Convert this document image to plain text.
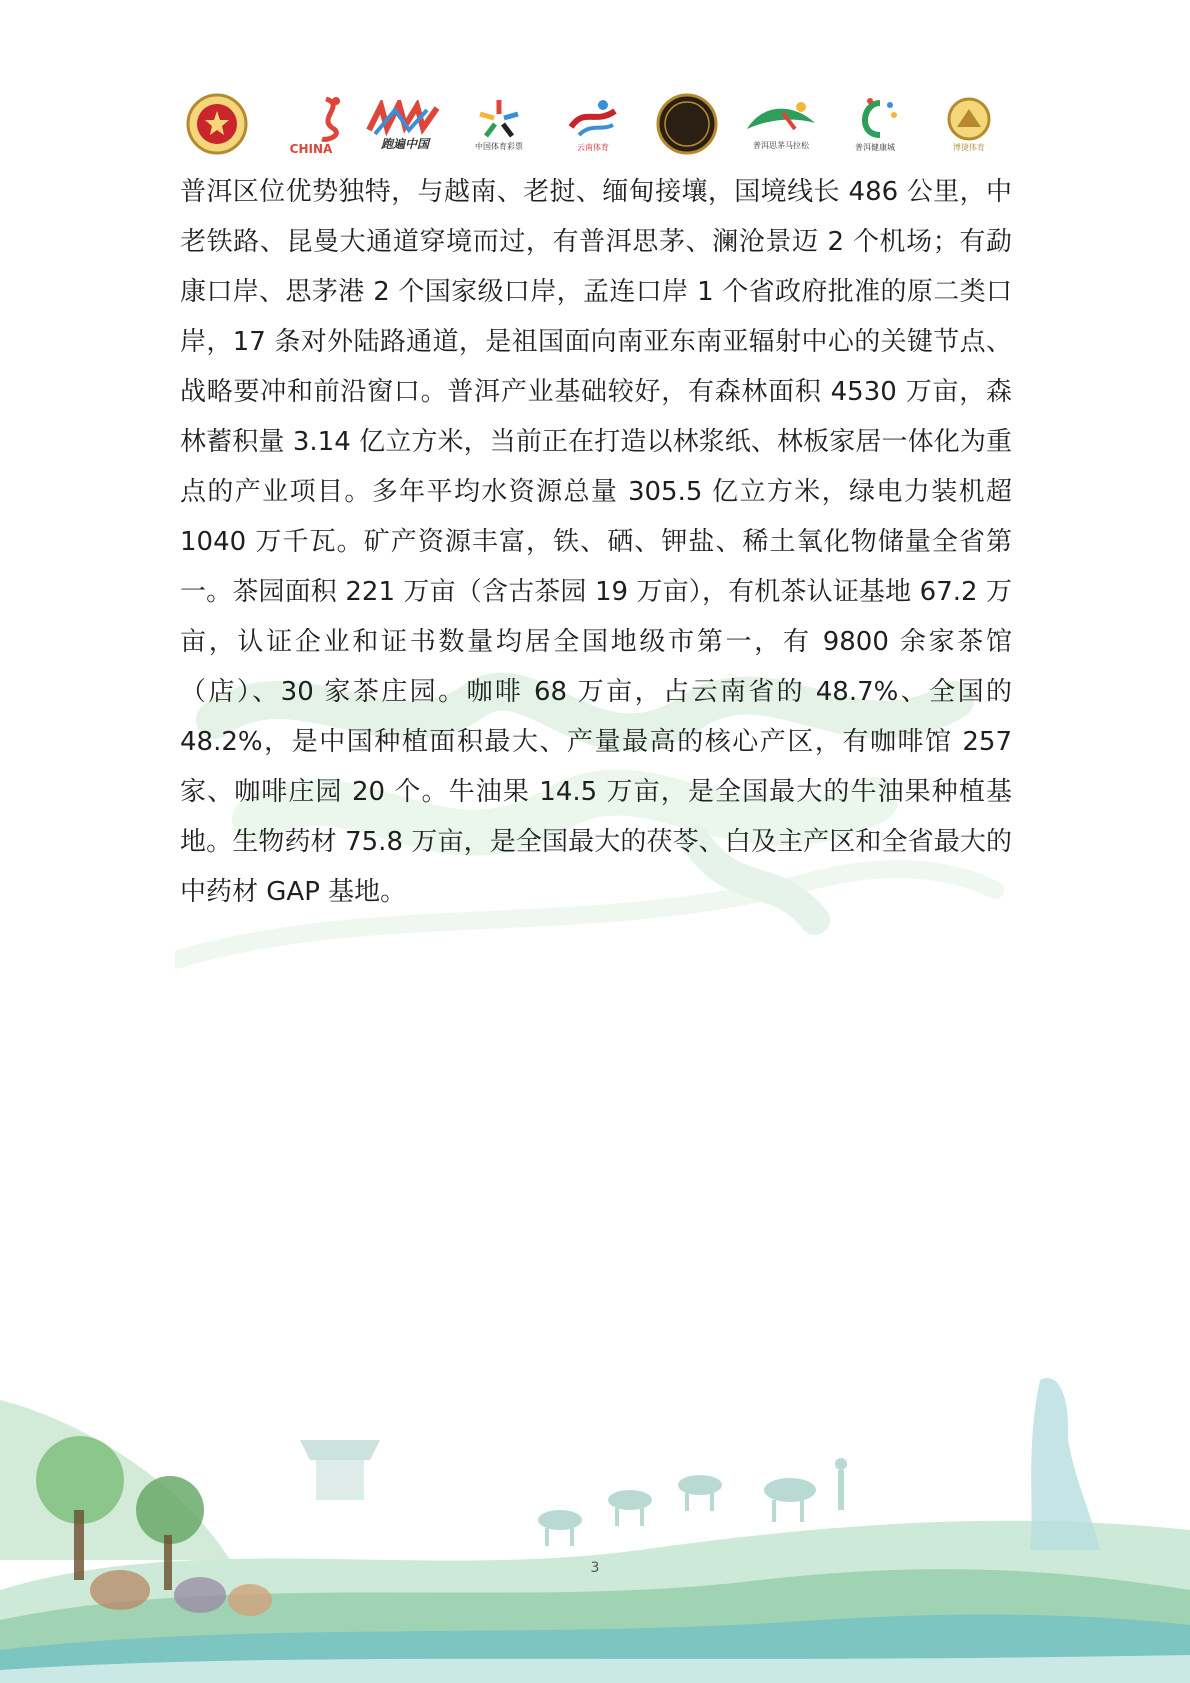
CHINA	跑遍中国	中国体育彩票	云南体育	普洱思茅马拉松	普洱健康城	博捷体育

普洱区位优势独特，与越南、老挝、缅甸接壤，国境线长 486 公里，中老铁路、昆曼大通道穿境而过，有普洱思茅、澜沧景迈 2 个机场；有勐康口岸、思茅港 2 个国家级口岸，孟连口岸 1 个省政府批准的原二类口岸，17 条对外陆路通道，是祖国面向南亚东南亚辐射中心的关键节点、战略要冲和前沿窗口。普洱产业基础较好，有森林面积 4530 万亩，森林蓄积量 3.14 亿立方米，当前正在打造以林浆纸、林板家居一体化为重点的产业项目。多年平均水资源总量 305.5 亿立方米，绿电力装机超 1040 万千瓦。矿产资源丰富，铁、硒、钾盐、稀土氧化物储量全省第一。茶园面积 221 万亩（含古茶园 19 万亩），有机茶认证基地 67.2 万亩，认证企业和证书数量均居全国地级市第一，有 9800 余家茶馆（店）、30 家茶庄园。咖啡 68 万亩，占云南省的 48.7%、全国的 48.2%，是中国种植面积最大、产量最高的核心产区，有咖啡馆 257 家、咖啡庄园 20 个。牛油果 14.5 万亩，是全国最大的牛油果种植基地。生物药材 75.8 万亩，是全国最大的茯苓、白及主产区和全省最大的中药材 GAP 基地。

3
